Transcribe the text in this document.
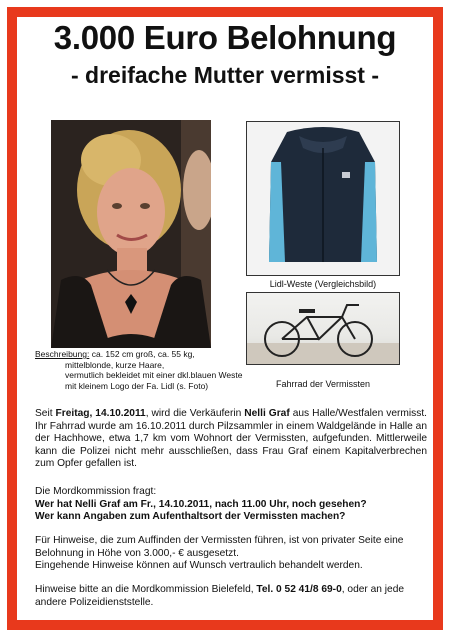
3.000 Euro Belohnung
- dreifache Mutter vermisst -
Lidl-Weste (Vergleichsbild)
Fahrrad der Vermissten
Beschreibung: ca. 152 cm groß, ca. 55 kg,
mittelblonde, kurze Haare,
vermutlich bekleidet mit einer dkl.blauen Weste
mit kleinem Logo der Fa. Lidl (s. Foto)
Seit Freitag, 14.10.2011, wird die Verkäuferin Nelli Graf aus Halle/Westfalen vermisst. Ihr Fahrrad wurde am 16.10.2011 durch Pilzsammler in einem Waldgelände in Halle an der Hachhowe, etwa 1,7 km vom Wohnort der Vermissten, aufgefunden. Mittlerweile kann die Polizei nicht mehr ausschließen, dass Frau Graf einem Kapitalverbrechen zum Opfer gefallen ist.
Die Mordkommission fragt:
Wer hat Nelli Graf am Fr., 14.10.2011, nach 11.00 Uhr, noch gesehen?
Wer kann Angaben zum Aufenthaltsort der Vermissten machen?
Für Hinweise, die zum Auffinden der Vermissten führen, ist von privater Seite eine
Belohnung in Höhe von 3.000,- € ausgesetzt.
Eingehende Hinweise können auf Wunsch vertraulich behandelt werden.
Hinweise bitte an die Mordkommission Bielefeld, Tel. 0 52 41/8 69-0, oder an jede
andere Polizeidienststelle.
